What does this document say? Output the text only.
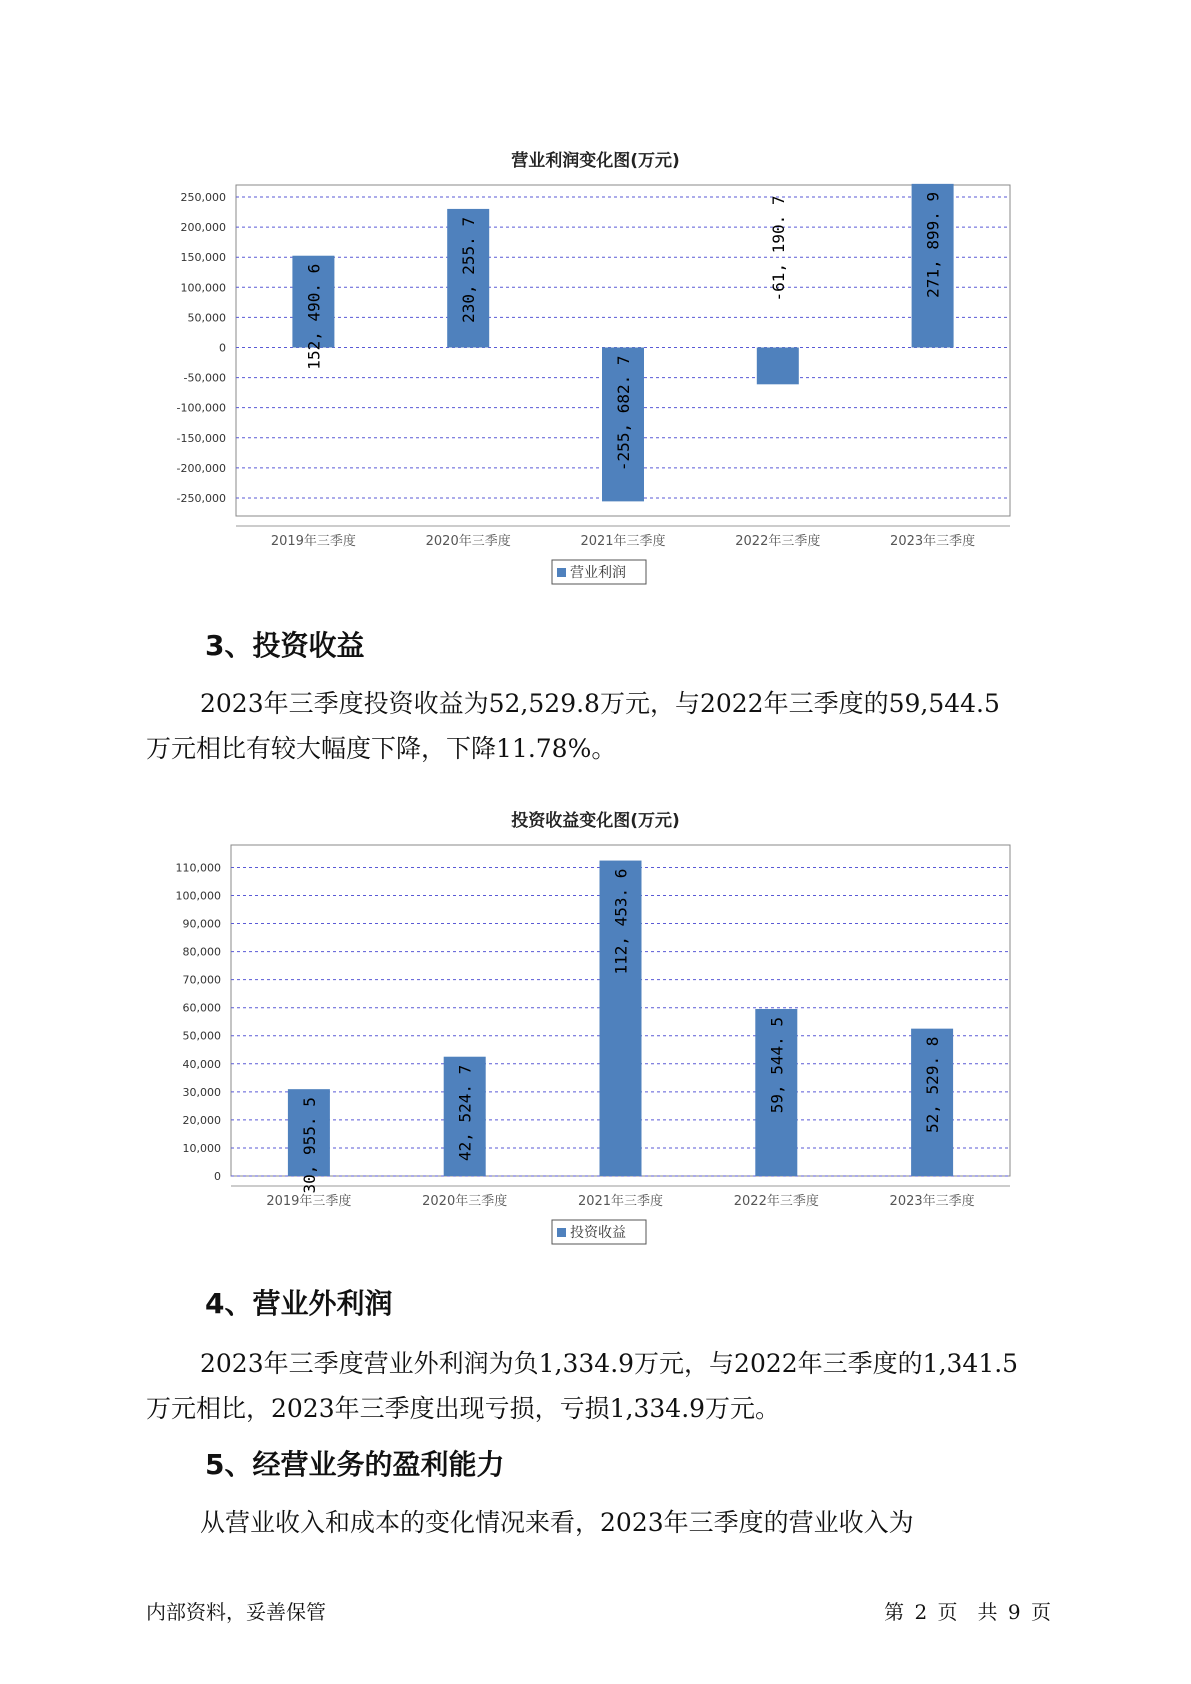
营业利润变化图(万元)
250,000
200,000
150,000
100,000
50,000
0
-50,000
-100,000
-150,000
-200,000
-250,000
152, 490. 6
2019年三季度
230, 255. 7
2020年三季度
-255, 682. 7
2021年三季度
-61, 190. 7
2022年三季度
271, 899. 9
2023年三季度
营业利润
3、投资收益
2023年三季度投资收益为52,529.8万元，与2022年三季度的59,544.5
万元相比有较大幅度下降，下降11.78%。
投资收益变化图(万元)
110,000
100,000
90,000
80,000
70,000
60,000
50,000
40,000
30,000
20,000
10,000
0	30, 955. 5
2019年三季度
42, 524. 7
2020年三季度
112, 453. 6
2021年三季度
59, 544. 5
2022年三季度
52, 529. 8
2023年三季度
投资收益
4、营业外利润
2023年三季度营业外利润为负1,334.9万元，与2022年三季度的1,341.5
万元相比，2023年三季度出现亏损，亏损1,334.9万元。
5、经营业务的盈利能力
从营业收入和成本的变化情况来看，2023年三季度的营业收入为
内部资料，妥善保管	第 2 页　共 9 页
